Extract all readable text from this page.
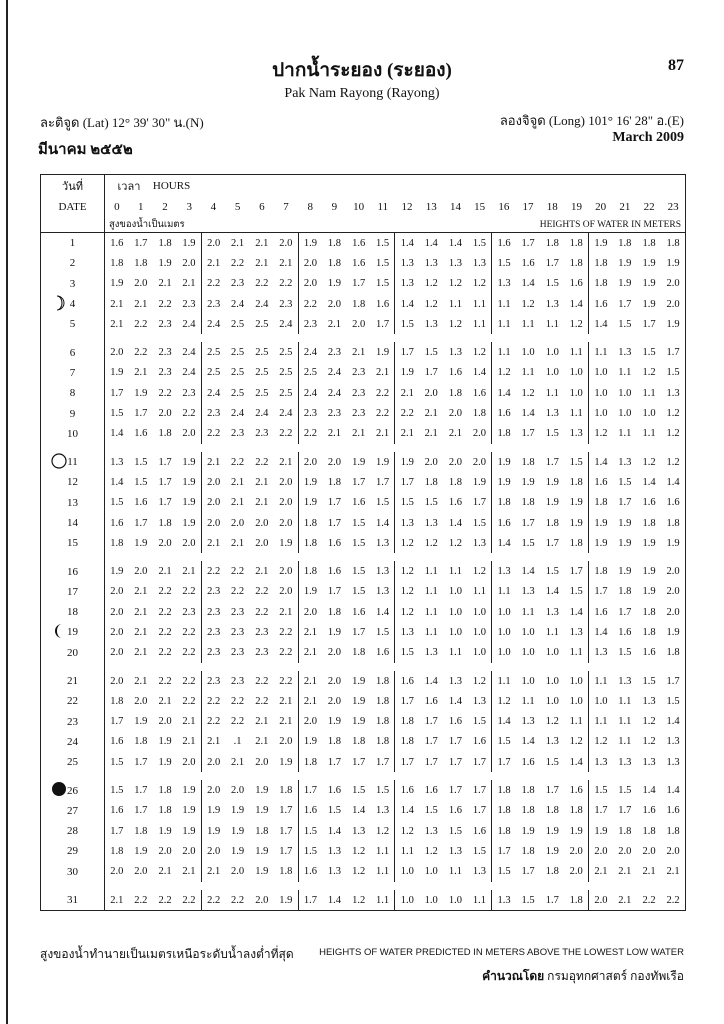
ปากน้ำระยอง (ระยอง)	87
Pak Nam Rayong (Rayong)
ละติจูด (Lat) 12° 39' 30" น.(N)	ลองจิจูด (Long) 101° 16' 28" อ.(E)
มีนาคม ๒๕๕๒
March 2009
วันที่	เวลา		HOURS																					
DATE	0	1	2	3	4	5	6	7	8	9	10	11	12	13	14	15	16	17	18	19	20	21	22	23
	สูงของน้ำเป็นเมตร												HEIGHTS OF WATER IN METERS											
1	1.6	1.7	1.8	1.9	2.0	2.1	2.1	2.0	1.9	1.8	1.6	1.5	1.4	1.4	1.4	1.5	1.6	1.7	1.8	1.8	1.9	1.8	1.8	1.8
2	1.8	1.8	1.9	2.0	2.1	2.2	2.1	2.1	2.0	1.8	1.6	1.5	1.3	1.3	1.3	1.3	1.5	1.6	1.7	1.8	1.8	1.9	1.9	1.9
3	1.9	2.0	2.1	2.1	2.2	2.3	2.2	2.2	2.0	1.9	1.7	1.5	1.3	1.2	1.2	1.2	1.3	1.4	1.5	1.6	1.8	1.9	1.9	2.0

4	2.1	2.1	2.2	2.3	2.3	2.4	2.4	2.3	2.2	2.0	1.8	1.6	1.4	1.2	1.1	1.1	1.1	1.2	1.3	1.4	1.6	1.7	1.9	2.0
5	2.1	2.2	2.3	2.4	2.4	2.5	2.5	2.4	2.3	2.1	2.0	1.7	1.5	1.3	1.2	1.1	1.1	1.1	1.1	1.2	1.4	1.5	1.7	1.9

6	2.0	2.2	2.3	2.4	2.5	2.5	2.5	2.5	2.4	2.3	2.1	1.9	1.7	1.5	1.3	1.2	1.1	1.0	1.0	1.1	1.1	1.3	1.5	1.7
7	1.9	2.1	2.3	2.4	2.5	2.5	2.5	2.5	2.5	2.4	2.3	2.1	1.9	1.7	1.6	1.4	1.2	1.1	1.0	1.0	1.0	1.1	1.2	1.5
8	1.7	1.9	2.2	2.3	2.4	2.5	2.5	2.5	2.4	2.4	2.3	2.2	2.1	2.0	1.8	1.6	1.4	1.2	1.1	1.0	1.0	1.0	1.1	1.3
9	1.5	1.7	2.0	2.2	2.3	2.4	2.4	2.4	2.3	2.3	2.3	2.2	2.2	2.1	2.0	1.8	1.6	1.4	1.3	1.1	1.0	1.0	1.0	1.2
10	1.4	1.6	1.8	2.0	2.2	2.3	2.3	2.2	2.2	2.1	2.1	2.1	2.1	2.1	2.1	2.0	1.8	1.7	1.5	1.3	1.2	1.1	1.1	1.2

11	1.3	1.5	1.7	1.9	2.1	2.2	2.2	2.1	2.0	2.0	1.9	1.9	1.9	2.0	2.0	2.0	1.9	1.8	1.7	1.5	1.4	1.3	1.2	1.2
12	1.4	1.5	1.7	1.9	2.0	2.1	2.1	2.0	1.9	1.8	1.7	1.7	1.7	1.8	1.8	1.9	1.9	1.9	1.9	1.8	1.6	1.5	1.4	1.4
13	1.5	1.6	1.7	1.9	2.0	2.1	2.1	2.0	1.9	1.7	1.6	1.5	1.5	1.5	1.6	1.7	1.8	1.8	1.9	1.9	1.8	1.7	1.6	1.6
14	1.6	1.7	1.8	1.9	2.0	2.0	2.0	2.0	1.8	1.7	1.5	1.4	1.3	1.3	1.4	1.5	1.6	1.7	1.8	1.9	1.9	1.9	1.8	1.8
15	1.8	1.9	2.0	2.0	2.1	2.1	2.0	1.9	1.8	1.6	1.5	1.3	1.2	1.2	1.2	1.3	1.4	1.5	1.7	1.8	1.9	1.9	1.9	1.9

16	1.9	2.0	2.1	2.1	2.2	2.2	2.1	2.0	1.8	1.6	1.5	1.3	1.2	1.1	1.1	1.2	1.3	1.4	1.5	1.7	1.8	1.9	1.9	2.0
17	2.0	2.1	2.2	2.2	2.3	2.2	2.2	2.0	1.9	1.7	1.5	1.3	1.2	1.1	1.0	1.1	1.1	1.3	1.4	1.5	1.7	1.8	1.9	2.0
18	2.0	2.1	2.2	2.3	2.3	2.3	2.2	2.1	2.0	1.8	1.6	1.4	1.2	1.1	1.0	1.0	1.0	1.1	1.3	1.4	1.6	1.7	1.8	2.0

19	2.0	2.1	2.2	2.2	2.3	2.3	2.3	2.2	2.1	1.9	1.7	1.5	1.3	1.1	1.0	1.0	1.0	1.0	1.1	1.3	1.4	1.6	1.8	1.9
20	2.0	2.1	2.2	2.2	2.3	2.3	2.3	2.2	2.1	2.0	1.8	1.6	1.5	1.3	1.1	1.0	1.0	1.0	1.0	1.1	1.3	1.5	1.6	1.8

21	2.0	2.1	2.2	2.2	2.3	2.3	2.2	2.2	2.1	2.0	1.9	1.8	1.6	1.4	1.3	1.2	1.1	1.0	1.0	1.0	1.1	1.3	1.5	1.7
22	1.8	2.0	2.1	2.2	2.2	2.2	2.2	2.1	2.1	2.0	1.9	1.8	1.7	1.6	1.4	1.3	1.2	1.1	1.0	1.0	1.0	1.1	1.3	1.5
23	1.7	1.9	2.0	2.1	2.2	2.2	2.1	2.1	2.0	1.9	1.9	1.8	1.8	1.7	1.6	1.5	1.4	1.3	1.2	1.1	1.1	1.1	1.2	1.4
24	1.6	1.8	1.9	2.1	2.1	.1	2.1	2.0	1.9	1.8	1.8	1.8	1.8	1.7	1.7	1.6	1.5	1.4	1.3	1.2	1.2	1.1	1.2	1.3
25	1.5	1.7	1.9	2.0	2.0	2.1	2.0	1.9	1.8	1.7	1.7	1.7	1.7	1.7	1.7	1.7	1.7	1.6	1.5	1.4	1.3	1.3	1.3	1.3

26	1.5	1.7	1.8	1.9	2.0	2.0	1.9	1.8	1.7	1.6	1.5	1.5	1.6	1.6	1.7	1.7	1.8	1.8	1.7	1.6	1.5	1.5	1.4	1.4
27	1.6	1.7	1.8	1.9	1.9	1.9	1.9	1.7	1.6	1.5	1.4	1.3	1.4	1.5	1.6	1.7	1.8	1.8	1.8	1.8	1.7	1.7	1.6	1.6
28	1.7	1.8	1.9	1.9	1.9	1.9	1.8	1.7	1.5	1.4	1.3	1.2	1.2	1.3	1.5	1.6	1.8	1.9	1.9	1.9	1.9	1.8	1.8	1.8
29	1.8	1.9	2.0	2.0	2.0	1.9	1.9	1.7	1.5	1.3	1.2	1.1	1.1	1.2	1.3	1.5	1.7	1.8	1.9	2.0	2.0	2.0	2.0	2.0
30	2.0	2.0	2.1	2.1	2.1	2.0	1.9	1.8	1.6	1.3	1.2	1.1	1.0	1.0	1.1	1.3	1.5	1.7	1.8	2.0	2.1	2.1	2.1	2.1

31	2.1	2.2	2.2	2.2	2.2	2.2	2.0	1.9	1.7	1.4	1.2	1.1	1.0	1.0	1.0	1.1	1.3	1.5	1.7	1.8	2.0	2.1	2.2	2.2
สูงของน้ำทำนายเป็นเมตรเหนือระดับน้ำลงต่ำที่สุด	HEIGHTS OF WATER PREDICTED IN METERS ABOVE THE LOWEST LOW WATER
คำนวณโดย กรมอุทกศาสตร์ กองทัพเรือ
